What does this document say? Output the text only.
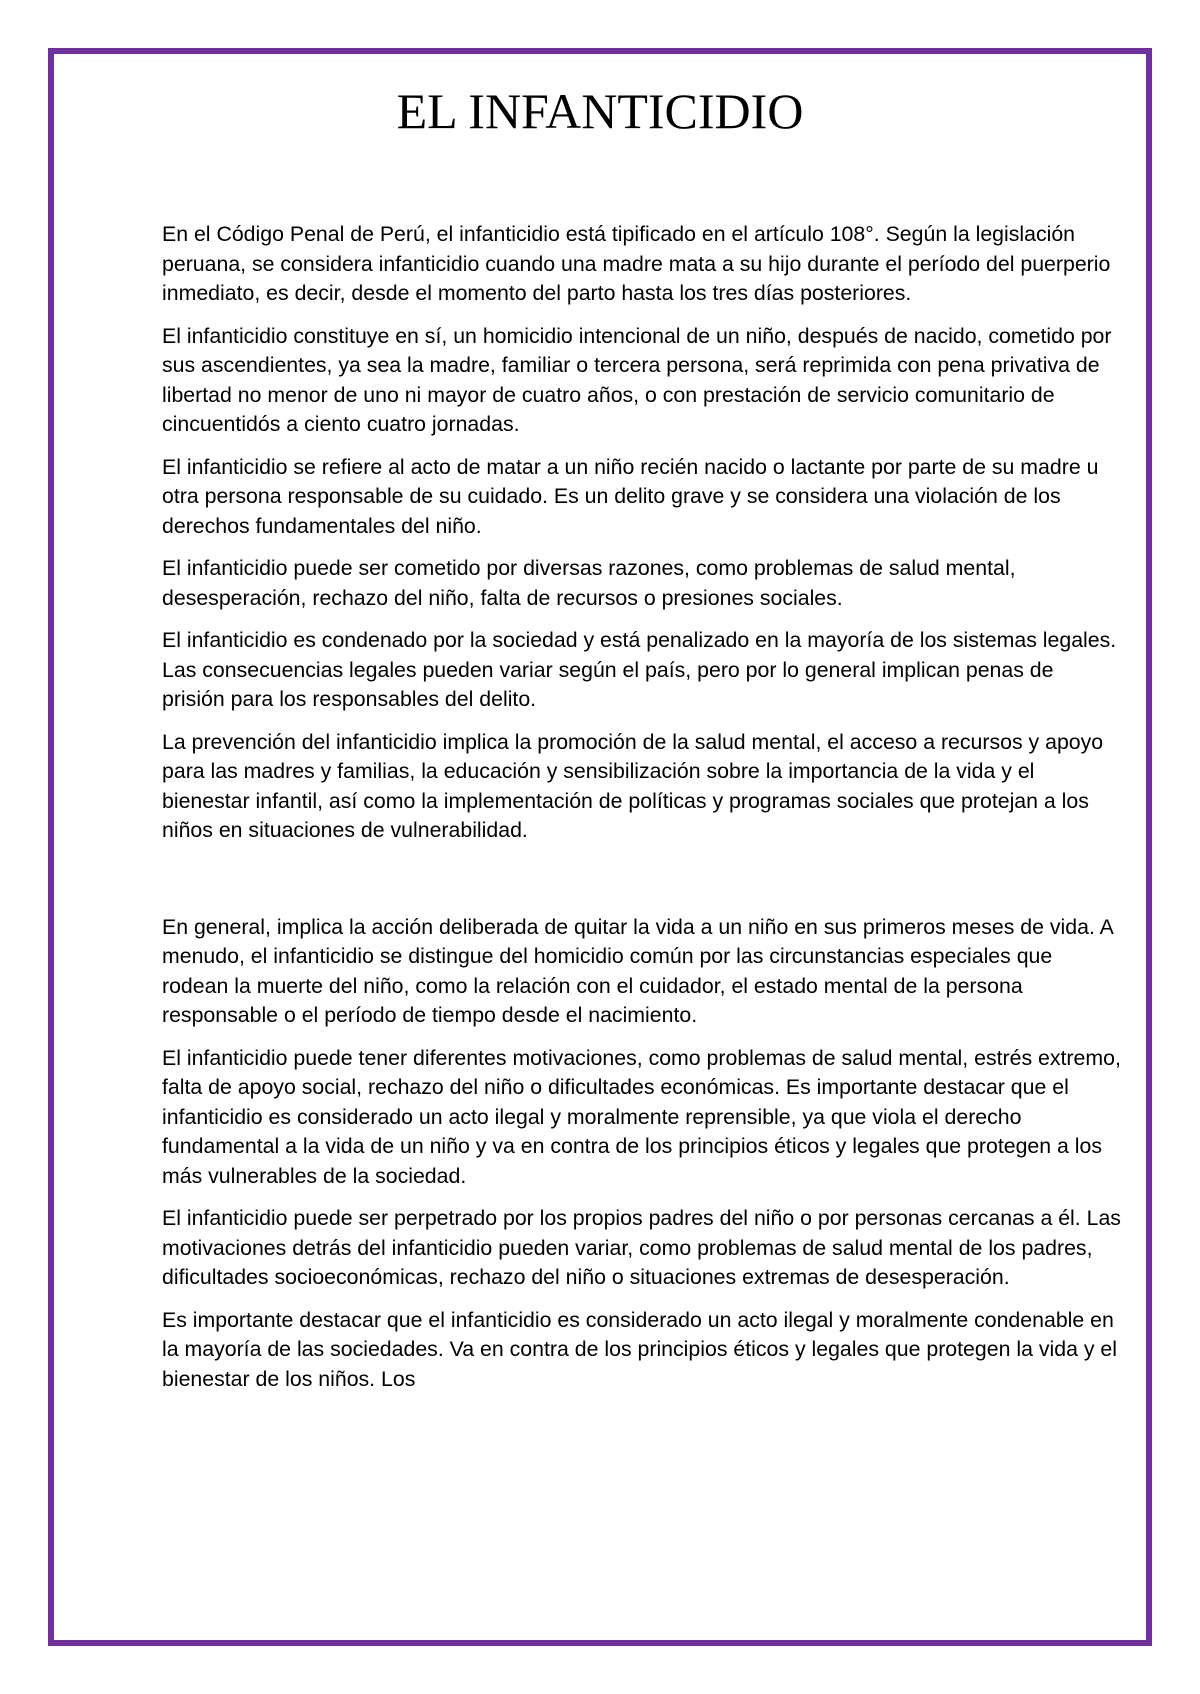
EL INFANTICIDIO

En el Código Penal de Perú, el infanticidio está tipificado en el artículo 108°. Según la legislación peruana, se considera infanticidio cuando una madre mata a su hijo durante el período del puerperio inmediato, es decir, desde el momento del parto hasta los tres días posteriores.

El infanticidio constituye en sí, un homicidio intencional de un niño, después de nacido, cometido por sus ascendientes, ya sea la madre, familiar o tercera persona, será reprimida con pena privativa de libertad no menor de uno ni mayor de cuatro años, o con prestación de servicio comunitario de cincuentidós a ciento cuatro jornadas.

El infanticidio se refiere al acto de matar a un niño recién nacido o lactante por parte de su madre u otra persona responsable de su cuidado. Es un delito grave y se considera una violación de los derechos fundamentales del niño.

El infanticidio puede ser cometido por diversas razones, como problemas de salud mental, desesperación, rechazo del niño, falta de recursos o presiones sociales.

El infanticidio es condenado por la sociedad y está penalizado en la mayoría de los sistemas legales. Las consecuencias legales pueden variar según el país, pero por lo general implican penas de prisión para los responsables del delito.

La prevención del infanticidio implica la promoción de la salud mental, el acceso a recursos y apoyo para las madres y familias, la educación y sensibilización sobre la importancia de la vida y el bienestar infantil, así como la implementación de políticas y programas sociales que protejan a los niños en situaciones de vulnerabilidad.

En general, implica la acción deliberada de quitar la vida a un niño en sus primeros meses de vida. A menudo, el infanticidio se distingue del homicidio común por las circunstancias especiales que rodean la muerte del niño, como la relación con el cuidador, el estado mental de la persona responsable o el período de tiempo desde el nacimiento.

El infanticidio puede tener diferentes motivaciones, como problemas de salud mental, estrés extremo, falta de apoyo social, rechazo del niño o dificultades económicas. Es importante destacar que el infanticidio es considerado un acto ilegal y moralmente reprensible, ya que viola el derecho fundamental a la vida de un niño y va en contra de los principios éticos y legales que protegen a los más vulnerables de la sociedad.

El infanticidio puede ser perpetrado por los propios padres del niño o por personas cercanas a él. Las motivaciones detrás del infanticidio pueden variar, como problemas de salud mental de los padres, dificultades socioeconómicas, rechazo del niño o situaciones extremas de desesperación.

Es importante destacar que el infanticidio es considerado un acto ilegal y moralmente condenable en la mayoría de las sociedades. Va en contra de los principios éticos y legales que protegen la vida y el bienestar de los niños. Los
